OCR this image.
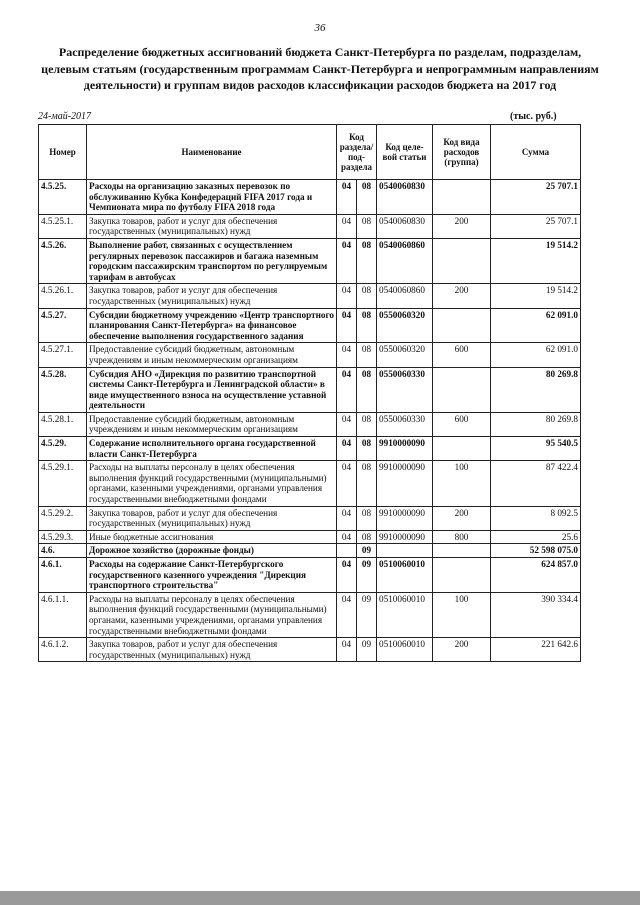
36
Распределение бюджетных ассигнований бюджета Санкт-Петербурга по разделам, подразделам, целевым статьям (государственным программам Санкт-Петербурга и непрограммным направлениям деятельности) и группам видов расходов классификации расходов бюджета на 2017 год
24-май-2017	(тыс. руб.)
Номер	Наименование	Код раздела/ под- раздела		Код целе- вой статьи	Код вида расходов (группа)	Сумма
4.5.25.	Расходы на организацию заказных перевозок по обслуживанию Кубка Конфедераций FIFA 2017 года и Чемпионата мира по футболу FIFA 2018 года	04	08	0540060830		25 707.1
4.5.25.1.	Закупка товаров, работ и услуг для обеспечения государственных (муниципальных) нужд	04	08	0540060830	200	25 707.1
4.5.26.	Выполнение работ, связанных с осуществлением регулярных перевозок пассажиров и багажа наземным городским пассажирским транспортом по регулируемым тарифам в автобусах	04	08	0540060860		19 514.2
4.5.26.1.	Закупка товаров, работ и услуг для обеспечения государственных (муниципальных) нужд	04	08	0540060860	200	19 514.2
4.5.27.	Субсидии бюджетному учреждению «Центр транспортного планирования Санкт-Петербурга» на финансовое обеспечение выполнения государственного задания	04	08	0550060320		62 091.0
4.5.27.1.	Предоставление субсидий бюджетным, автономным учреждениям и иным некоммерческим организациям	04	08	0550060320	600	62 091.0
4.5.28.	Субсидия АНО «Дирекция по развитию транспортной системы Санкт-Петербурга и Ленинградской области» в виде имущественного взноса на осуществление уставной деятельности	04	08	0550060330		80 269.8
4.5.28.1.	Предоставление субсидий бюджетным, автономным учреждениям и иным некоммерческим организациям	04	08	0550060330	600	80 269.8
4.5.29.	Содержание исполнительного органа государственной власти Санкт-Петербурга	04	08	9910000090		95 540.5
4.5.29.1.	Расходы на выплаты персоналу в целях обеспечения выполнения функций государственными (муниципальными) органами, казенными учреждениями, органами управления государственными внебюджетными фондами	04	08	9910000090	100	87 422.4
4.5.29.2.	Закупка товаров, работ и услуг для обеспечения государственных (муниципальных) нужд	04	08	9910000090	200	8 092.5
4.5.29.3.	Иные бюджетные ассигнования	04	08	9910000090	800	25.6
4.6.	Дорожное хозяйство (дорожные фонды)		09			52 598 075.0
4.6.1.	Расходы на содержание Санкт-Петербургского государственного казенного учреждения "Дирекция транспортного строительства"	04	09	0510060010		624 857.0
4.6.1.1.	Расходы на выплаты персоналу в целях обеспечения выполнения функций государственными (муниципальными) органами, казенными учреждениями, органами управления государственными внебюджетными фондами	04	09	0510060010	100	390 334.4
4.6.1.2.	Закупка товаров, работ и услуг для обеспечения государственных (муниципальных) нужд	04	09	0510060010	200	221 642.6
